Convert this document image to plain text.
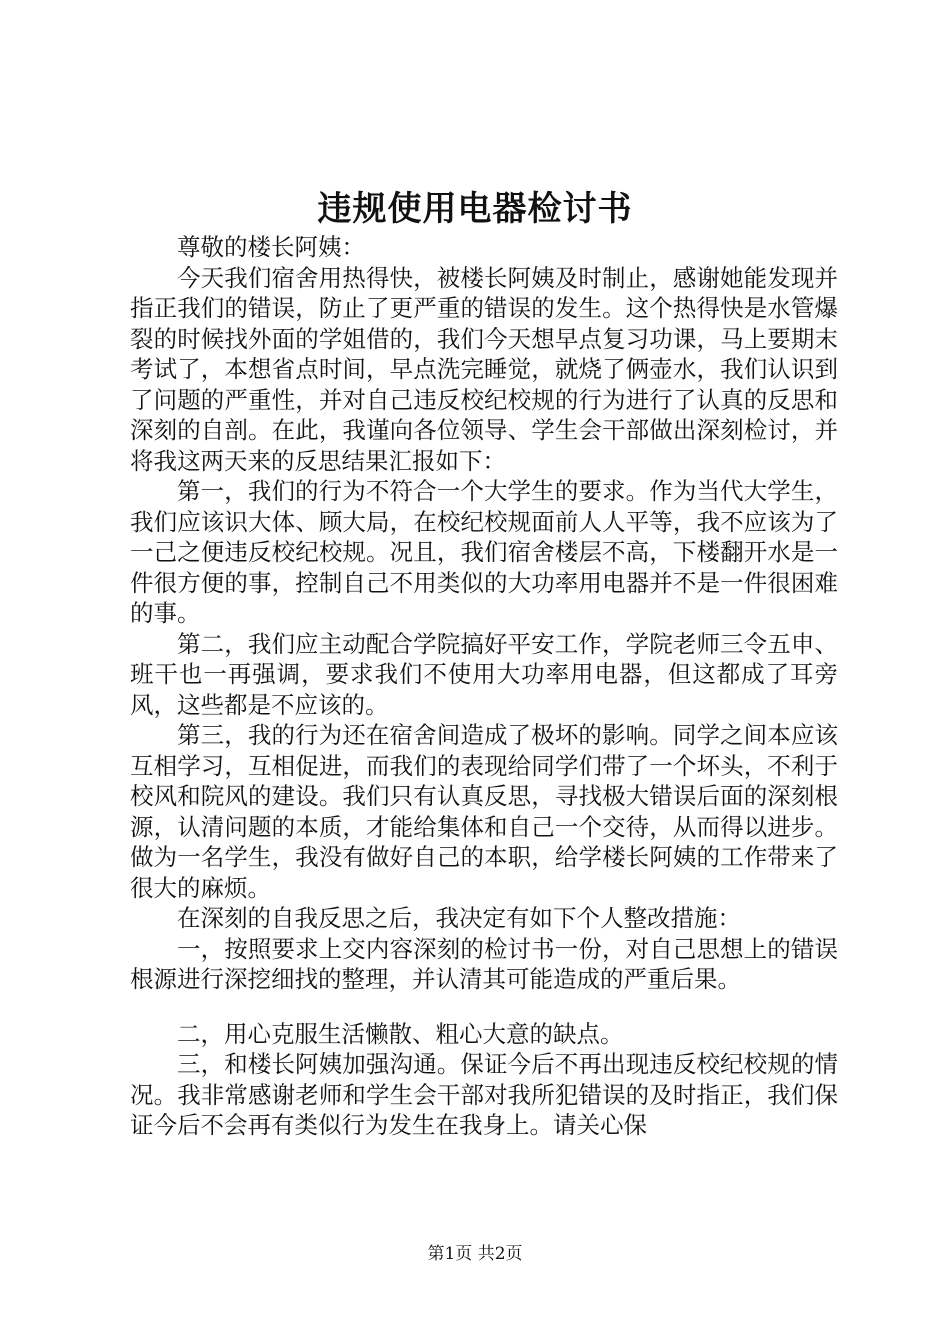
违规使用电器检讨书

尊敬的楼长阿姨：

今天我们宿舍用热得快，被楼长阿姨及时制止，感谢她能发现并指正我们的错误，防止了更严重的错误的发生。这个热得快是水管爆裂的时候找外面的学姐借的，我们今天想早点复习功课，马上要期末考试了，本想省点时间，早点洗完睡觉，就烧了俩壶水，我们认识到了问题的严重性，并对自己违反校纪校规的行为进行了认真的反思和深刻的自剖。在此，我谨向各位领导、学生会干部做出深刻检讨，并将我这两天来的反思结果汇报如下：

第一，我们的行为不符合一个大学生的要求。作为当代大学生，我们应该识大体、顾大局，在校纪校规面前人人平等，我不应该为了一己之便违反校纪校规。况且，我们宿舍楼层不高，下楼翻开水是一件很方便的事，控制自己不用类似的大功率用电器并不是一件很困难的事。

第二，我们应主动配合学院搞好平安工作，学院老师三令五申、班干也一再强调，要求我们不使用大功率用电器，但这都成了耳旁风，这些都是不应该的。

第三，我的行为还在宿舍间造成了极坏的影响。同学之间本应该互相学习，互相促进，而我们的表现给同学们带了一个坏头，不利于校风和院风的建设。我们只有认真反思，寻找极大错误后面的深刻根源，认清问题的本质，才能给集体和自己一个交待，从而得以进步。做为一名学生，我没有做好自己的本职，给学楼长阿姨的工作带来了很大的麻烦。

在深刻的自我反思之后，我决定有如下个人整改措施：

一，按照要求上交内容深刻的检讨书一份，对自己思想上的错误根源进行深挖细找的整理，并认清其可能造成的严重后果。

二，用心克服生活懒散、粗心大意的缺点。

三，和楼长阿姨加强沟通。保证今后不再出现违反校纪校规的情况。我非常感谢老师和学生会干部对我所犯错误的及时指正，我们保证今后不会再有类似行为发生在我身上。请关心保

第1页 共2页
